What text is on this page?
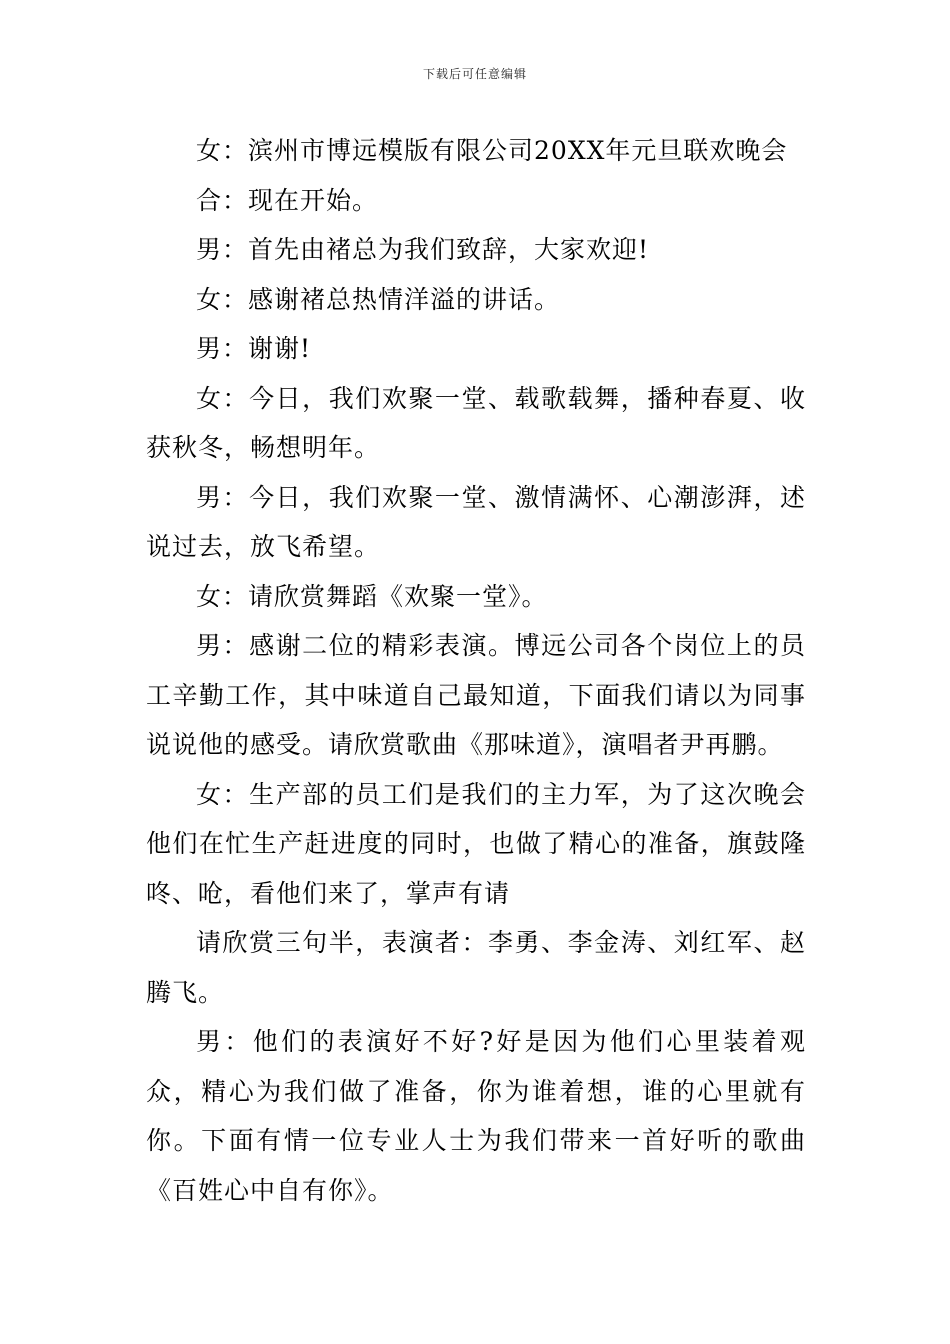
下载后可任意编辑

女：滨州市博远模版有限公司20XX年元旦联欢晚会

合：现在开始。

男：首先由褚总为我们致辞，大家欢迎!

女：感谢褚总热情洋溢的讲话。

男：谢谢!

女：今日，我们欢聚一堂、载歌载舞，播种春夏、收获秋冬，畅想明年。

男：今日，我们欢聚一堂、激情满怀、心潮澎湃，述说过去，放飞希望。

女：请欣赏舞蹈《欢聚一堂》。

男：感谢二位的精彩表演。博远公司各个岗位上的员工辛勤工作，其中味道自己最知道，下面我们请以为同事说说他的感受。请欣赏歌曲《那味道》，演唱者尹再鹏。

女：生产部的员工们是我们的主力军，为了这次晚会他们在忙生产赶进度的同时，也做了精心的准备，旗鼓隆咚、呛，看他们来了，掌声有请

请欣赏三句半，表演者：李勇、李金涛、刘红军、赵腾飞。

男：他们的表演好不好?好是因为他们心里装着观众，精心为我们做了准备，你为谁着想，谁的心里就有你。下面有情一位专业人士为我们带来一首好听的歌曲《百姓心中自有你》。
